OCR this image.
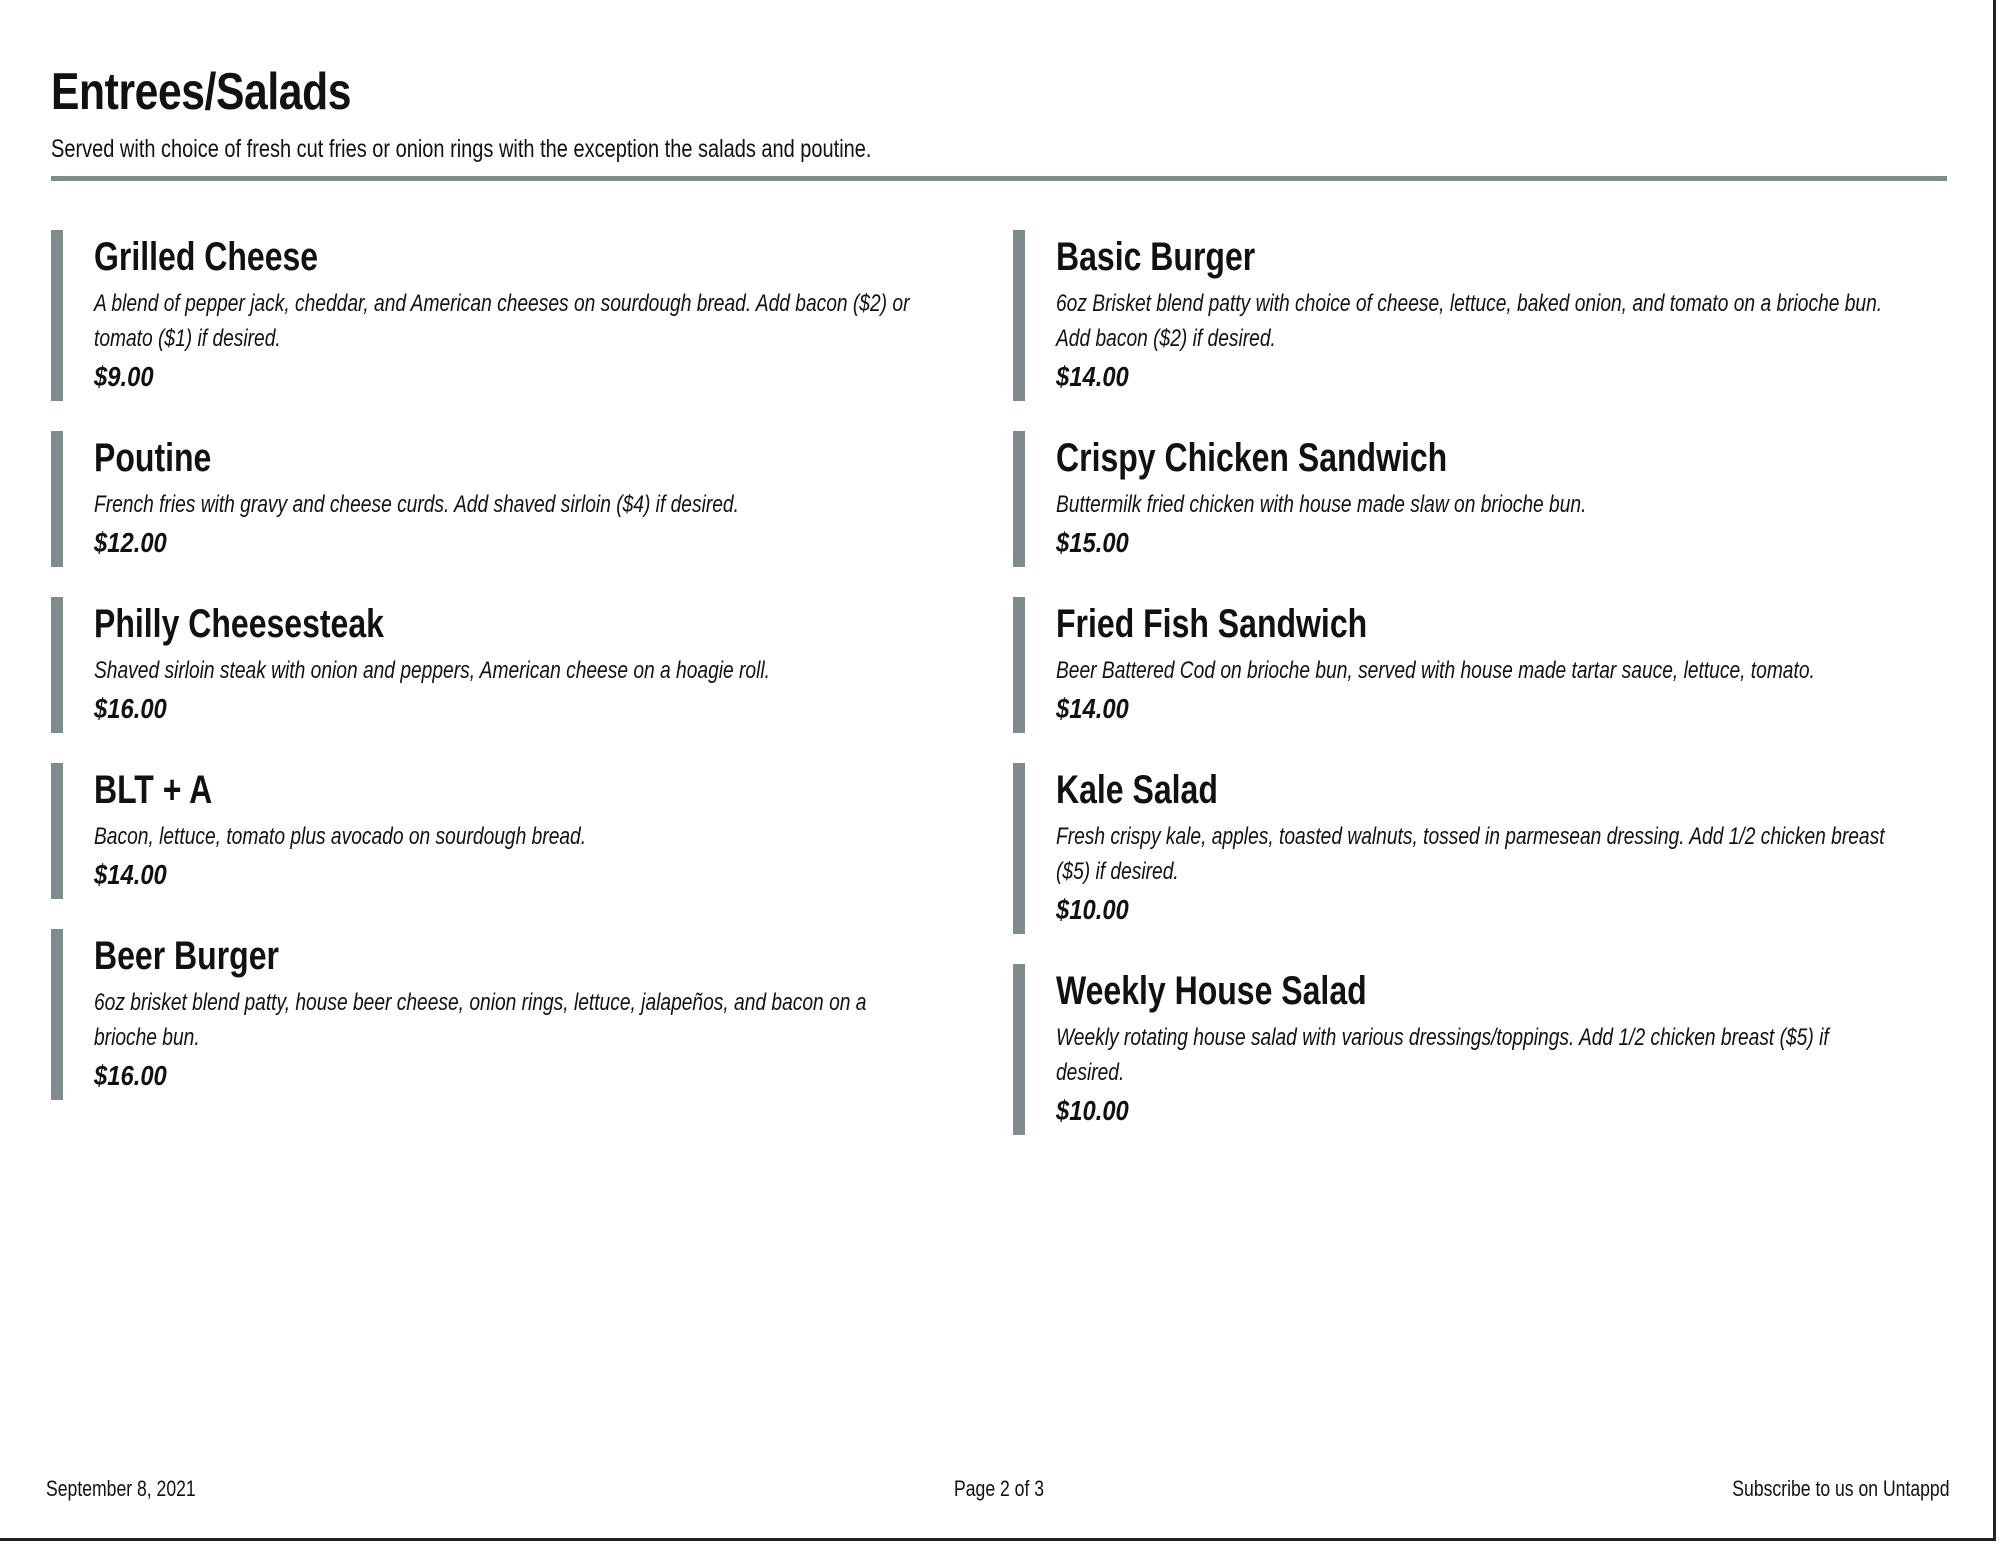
Entrees/Salads
Served with choice of fresh cut fries or onion rings with the exception the salads and poutine.
Grilled Cheese
A blend of pepper jack, cheddar, and American cheeses on sourdough bread. Add bacon ($2) or tomato ($1) if desired.
$9.00
Poutine
French fries with gravy and cheese curds. Add shaved sirloin ($4) if desired.
$12.00
Philly Cheesesteak
Shaved sirloin steak with onion and peppers, American cheese on a hoagie roll.
$16.00
BLT + A
Bacon, lettuce, tomato plus avocado on sourdough bread.
$14.00
Beer Burger
6oz brisket blend patty, house beer cheese, onion rings, lettuce, jalapeños, and bacon on a brioche bun.
$16.00
Basic Burger
6oz Brisket blend patty with choice of cheese, lettuce, baked onion, and tomato on a brioche bun. Add bacon ($2) if desired.
$14.00
Crispy Chicken Sandwich
Buttermilk fried chicken with house made slaw on brioche bun.
$15.00
Fried Fish Sandwich
Beer Battered Cod on brioche bun, served with house made tartar sauce, lettuce, tomato.
$14.00
Kale Salad
Fresh crispy kale, apples, toasted walnuts, tossed in parmesean dressing. Add 1/2 chicken breast ($5) if desired.
$10.00
Weekly House Salad
Weekly rotating house salad with various dressings/toppings. Add 1/2 chicken breast ($5) if desired.
$10.00
September 8, 2021	Page 2 of 3	Subscribe to us on Untappd
